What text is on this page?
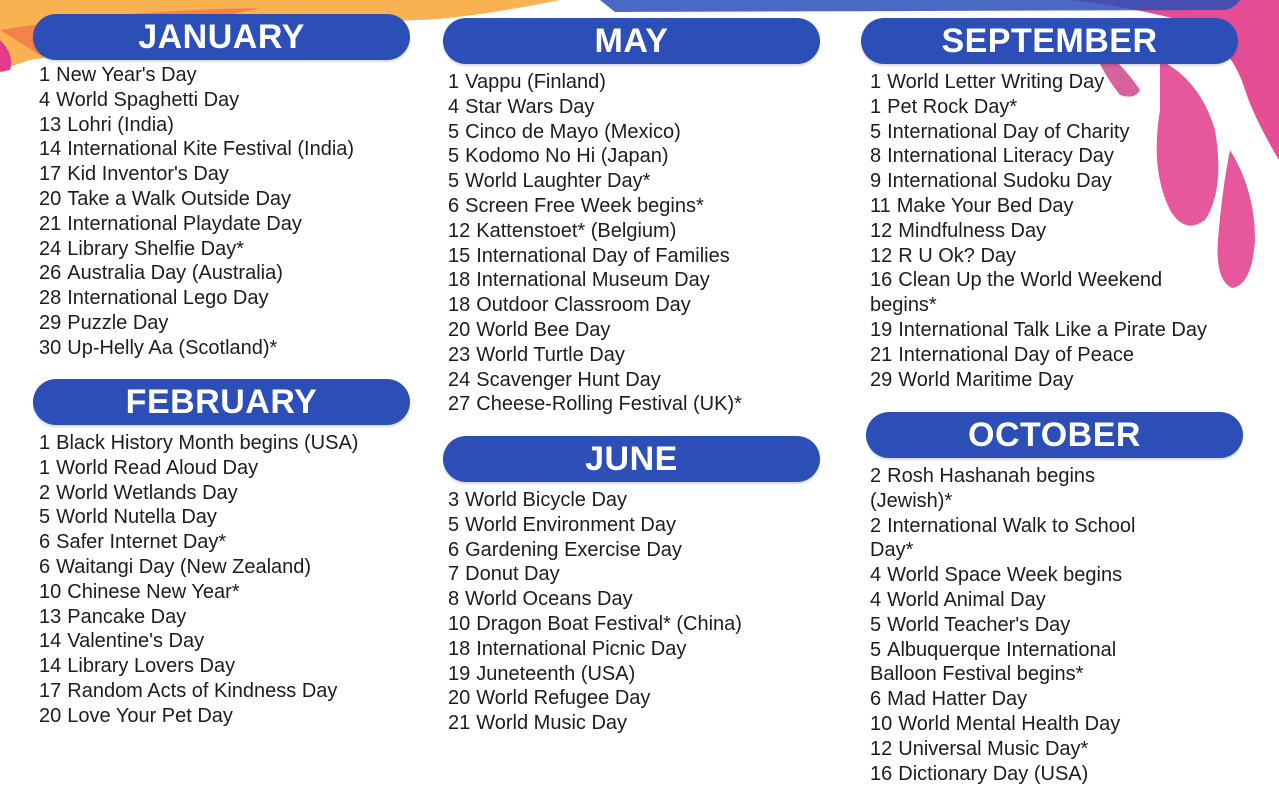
JANUARY
1 New Year's Day
4 World Spaghetti Day
13 Lohri (India)
14 International Kite Festival (India)
17 Kid Inventor's Day
20 Take a Walk Outside Day
21 International Playdate Day
24 Library Shelfie Day*
26 Australia Day (Australia)
28 International Lego Day
29 Puzzle Day
30 Up-Helly Aa (Scotland)*
FEBRUARY
1 Black History Month begins (USA)
1 World Read Aloud Day
2 World Wetlands Day
5 World Nutella Day
6 Safer Internet Day*
6 Waitangi Day (New Zealand)
10 Chinese New Year*
13 Pancake Day
14 Valentine's Day
14 Library Lovers Day
17 Random Acts of Kindness Day
20 Love Your Pet Day
MAY
1 Vappu (Finland)
4 Star Wars Day
5 Cinco de Mayo (Mexico)
5 Kodomo No Hi (Japan)
5 World Laughter Day*
6 Screen Free Week begins*
12 Kattenstoet* (Belgium)
15 International Day of Families
18 International Museum Day
18 Outdoor Classroom Day
20 World Bee Day
23 World Turtle Day
24 Scavenger Hunt Day
27 Cheese-Rolling Festival (UK)*
JUNE
3 World Bicycle Day
5 World Environment Day
6 Gardening Exercise Day
7 Donut Day
8 World Oceans Day
10 Dragon Boat Festival* (China)
18 International Picnic Day
19 Juneteenth (USA)
20 World Refugee Day
21 World Music Day
SEPTEMBER
1 World Letter Writing Day
1 Pet Rock Day*
5 International Day of Charity
8 International Literacy Day
9 International Sudoku Day
11 Make Your Bed Day
12 Mindfulness Day
12 R U Ok? Day
16 Clean Up the World Weekend begins*
19 International Talk Like a Pirate Day
21 International Day of Peace
29 World Maritime Day
OCTOBER
2 Rosh Hashanah begins (Jewish)*
2 International Walk to School Day*
4 World Space Week begins
4 World Animal Day
5 World Teacher's Day
5 Albuquerque International Balloon Festival begins*
6 Mad Hatter Day
10 World Mental Health Day
12 Universal Music Day*
16 Dictionary Day (USA)
